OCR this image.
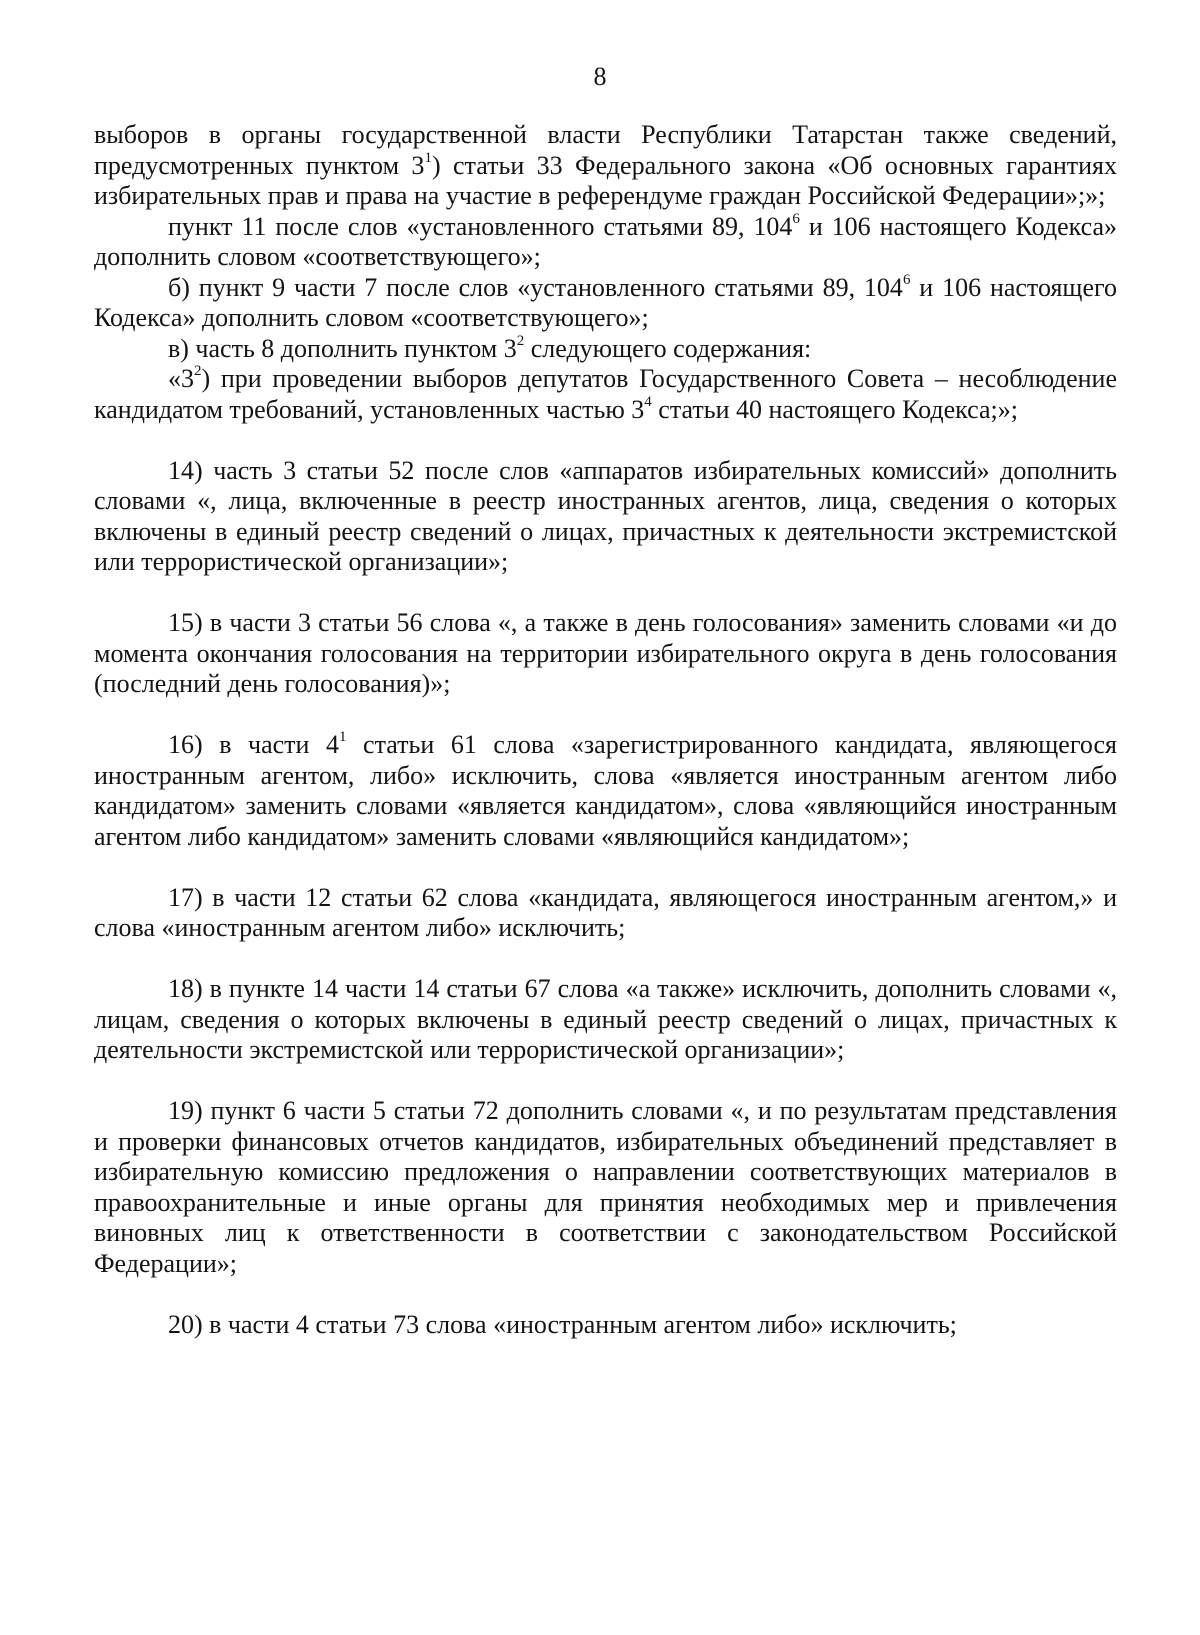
8

выборов в органы государственной власти Республики Татарстан также сведений, предусмотренных пунктом $3^1$) статьи 33 Федерального закона «Об основных гарантиях избирательных прав и права на участие в референдуме граждан Российской Федерации»;»;

пункт 11 после слов «установленного статьями 89, $104^6$ и 106 настоящего Кодекса» дополнить словом «соответствующего»;

б) пункт 9 части 7 после слов «установленного статьями 89, $104^6$ и 106 настоящего Кодекса» дополнить словом «соответствующего»;

в) часть 8 дополнить пунктом $3^2$ следующего содержания:

«$3^2$) при проведении выборов депутатов Государственного Совета – несоблюдение кандидатом требований, установленных частью $3^4$ статьи 40 настоящего Кодекса;»;

14) часть 3 статьи 52 после слов «аппаратов избирательных комиссий» дополнить словами «, лица, включенные в реестр иностранных агентов, лица, сведения о которых включены в единый реестр сведений о лицах, причастных к деятельности экстремистской или террористической организации»;

15) в части 3 статьи 56 слова «, а также в день голосования» заменить словами «и до момента окончания голосования на территории избирательного округа в день голосования (последний день голосования)»;

16) в части $4^1$ статьи 61 слова «зарегистрированного кандидата, являющегося иностранным агентом, либо» исключить, слова «является иностранным агентом либо кандидатом» заменить словами «является кандидатом», слова «являющийся иностранным агентом либо кандидатом» заменить словами «являющийся кандидатом»;

17) в части 12 статьи 62 слова «кандидата, являющегося иностранным агентом,» и слова «иностранным агентом либо» исключить;

18) в пункте 14 части 14 статьи 67 слова «а также» исключить, дополнить словами «, лицам, сведения о которых включены в единый реестр сведений о лицах, причастных к деятельности экстремистской или террористической организации»;

19) пункт 6 части 5 статьи 72 дополнить словами «, и по результатам представления и проверки финансовых отчетов кандидатов, избирательных объединений представляет в избирательную комиссию предложения о направлении соответствующих материалов в правоохранительные и иные органы для принятия необходимых мер и привлечения виновных лиц к ответственности в соответствии с законодательством Российской Федерации»;

20) в части 4 статьи 73 слова «иностранным агентом либо» исключить;
